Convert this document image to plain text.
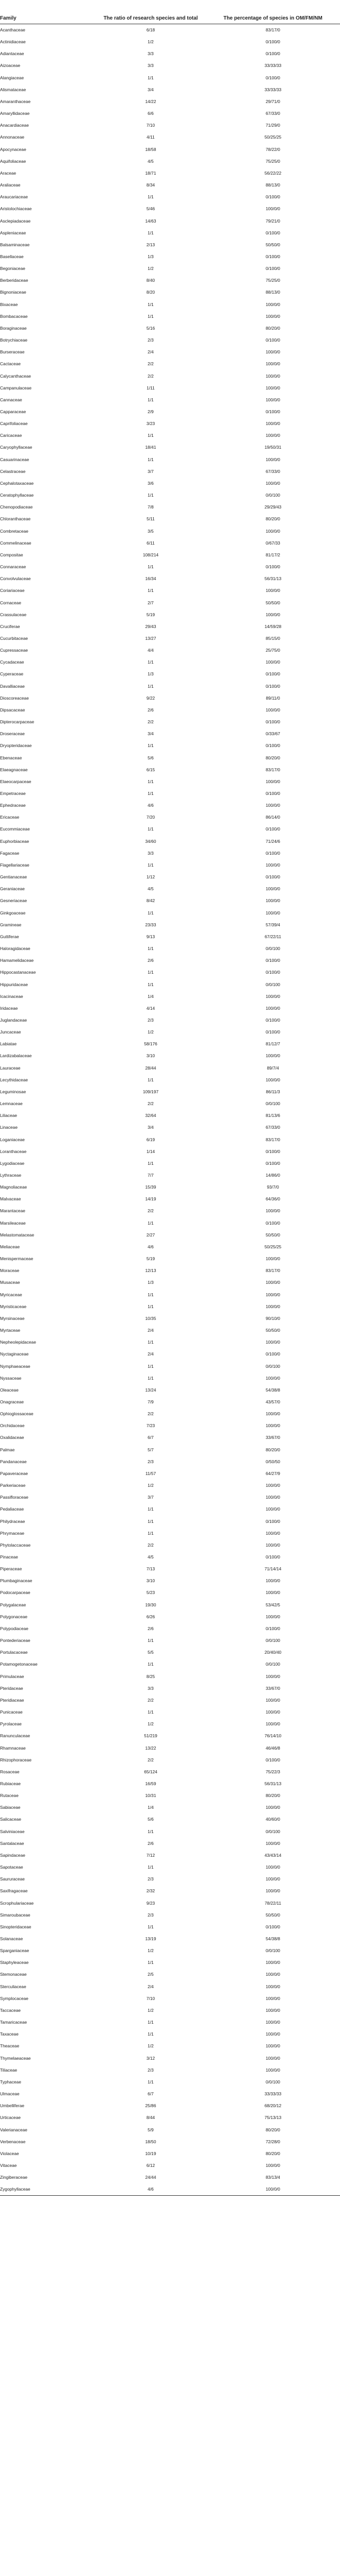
Family	The ratio of research species and total	The percentage of species in OM/FM/NM
Acanthaceae	6/18	83/17/0
Actinidiaceae	1/2	0/100/0
Adiantaceae	3/3	0/100/0
Aizoaceae	3/3	33/33/33
Alangiaceae	1/1	0/100/0
Alismataceae	3/4	33/33/33
Amaranthaceae	14/22	29/71/0
Amaryllidaceae	6/6	67/33/0
Anacardiaceae	7/10	71/29/0
Annonaceae	4/11	50/25/25
Apocynaceae	18/58	78/22/0
Aquifoliaceae	4/5	75/25/0
Araceae	18/71	56/22/22
Araliaceae	8/34	88/13/0
Araucariaceae	1/1	0/100/0
Aristolochiaceae	5/46	100/0/0
Asclepiadaceae	14/63	79/21/0
Aspleniaceae	1/1	0/100/0
Balsaminaceae	2/13	50/50/0
Basellaceae	1/3	0/100/0
Begoniaceae	1/2	0/100/0
Berberidaceae	8/40	75/25/0
Bignoniaceae	8/20	88/13/0
Bixaceae	1/1	100/0/0
Bombacaceae	1/1	100/0/0
Boraginaceae	5/16	80/20/0
Botrychiaceae	2/3	0/100/0
Burseraceae	2/4	100/0/0
Cactaceae	2/2	100/0/0
Calycanthaceae	2/2	100/0/0
Campanulaceae	1/11	100/0/0
Cannaceae	1/1	100/0/0
Capparaceae	2/9	0/100/0
Caprifoliaceae	3/23	100/0/0
Caricaceae	1/1	100/0/0
Caryophyllaceae	18/41	19/50/31
Casuarinaceae	1/1	100/0/0
Celastraceae	3/7	67/33/0
Cephalotaxaceae	3/6	100/0/0
Ceratophyllaceae	1/1	0/0/100
Chenopodiaceae	7/8	29/29/43
Chloranthaceae	5/11	80/20/0
Combretaceae	3/5	100/0/0
Commelinaceae	6/11	0/67/33
Compositae	108/214	81/17/2
Connaraceae	1/1	0/100/0
Convolvulaceae	16/34	56/31/13
Coriariaceae	1/1	100/0/0
Cornaceae	2/7	50/50/0
Crassulaceae	5/19	100/0/0
Cruciferae	29/43	14/59/28
Cucurbitaceae	13/27	85/15/0
Cupressaceae	4/4	25/75/0
Cycadaceae	1/1	100/0/0
Cyperaceae	1/3	0/100/0
Davalliaceae	1/1	0/100/0
Dioscoreaceae	9/22	89/11/0
Dipsacaceae	2/6	100/0/0
Dipterocarpaceae	2/2	0/100/0
Droseraceae	3/4	0/33/67
Dryopteridaceae	1/1	0/100/0
Ebenaceae	5/6	80/20/0
Elaeagnaceae	6/15	83/17/0
Elaeocarpaceae	1/1	100/0/0
Empetraceae	1/1	0/100/0
Ephedraceae	4/6	100/0/0
Ericaceae	7/20	86/14/0
Eucommiaceae	1/1	0/100/0
Euphorbiaceae	34/60	71/24/6
Fagaceae	3/3	0/100/0
Flagellariaceae	1/1	100/0/0
Gentianaceae	1/12	0/100/0
Geraniaceae	4/5	100/0/0
Gesneriaceae	8/42	100/0/0
Ginkgoaceae	1/1	100/0/0
Gramineae	23/33	57/39/4
Guttiferae	9/13	67/22/11
Haloragidaceae	1/1	0/0/100
Hamamelidaceae	2/6	0/100/0
Hippocastanaceae	1/1	0/100/0
Hippuridaceae	1/1	0/0/100
Icacinaceae	1/4	100/0/0
Iridaceae	4/14	100/0/0
Juglandaceae	2/3	0/100/0
Juncaceae	1/2	0/100/0
Labiatae	58/176	81/12/7
Lardizabalaceae	3/10	100/0/0
Lauraceae	28/44	89/7/4
Lecythidaceae	1/1	100/0/0
Leguminosae	109/197	86/11/3
Lemnaceae	2/2	0/0/100
Liliaceae	32/64	81/13/6
Linaceae	3/4	67/33/0
Loganiaceae	6/19	83/17/0
Loranthaceae	1/14	0/100/0
Lygodiaceae	1/1	0/100/0
Lythraceae	7/7	14/86/0
Magnoliaceae	15/39	93/7/0
Malvaceae	14/19	64/36/0
Marantaceae	2/2	100/0/0
Marsileaceae	1/1	0/100/0
Melastomataceae	2/27	50/50/0
Meliaceae	4/6	50/25/25
Menispermaceae	5/19	100/0/0
Moraceae	12/13	83/17/0
Musaceae	1/3	100/0/0
Myricaceae	1/1	100/0/0
Myristicaceae	1/1	100/0/0
Myrsinaceae	10/35	90/10/0
Myrtaceae	2/4	50/50/0
Nepheolepidaceae	1/1	100/0/0
Nyctaginaceae	2/4	0/100/0
Nymphaeaceae	1/1	0/0/100
Nyssaceae	1/1	100/0/0
Oleaceae	13/24	54/38/8
Onagraceae	7/9	43/57/0
Ophioglossaceae	2/2	100/0/0
Orchidaceae	7/23	100/0/0
Oxalidaceae	6/7	33/67/0
Palmae	5/7	80/20/0
Pandanaceae	2/3	0/50/50
Papaveraceae	11/57	64/27/9
Parkeriaceae	1/2	100/0/0
Passifloraceae	3/7	100/0/0
Pedaliaceae	1/1	100/0/0
Philydraceae	1/1	0/100/0
Phrymaceae	1/1	100/0/0
Phytolaccaceae	2/2	100/0/0
Pinaceae	4/5	0/100/0
Piperaceae	7/13	71/14/14
Plumbaginaceae	3/10	100/0/0
Podocarpaceae	5/23	100/0/0
Polygalaceae	19/30	53/42/5
Polygonaceae	6/26	100/0/0
Polypodiaceae	2/6	0/100/0
Pontederiaceae	1/1	0/0/100
Portulacaceae	5/5	20/40/40
Potamogetonaceae	1/1	0/0/100
Primulaceae	8/25	100/0/0
Pteridaceae	3/3	33/67/0
Pteridiaceae	2/2	100/0/0
Punicaceae	1/1	100/0/0
Pyrolaceae	1/2	100/0/0
Ranunculaceae	51/219	76/14/10
Rhamnaceae	13/22	46/46/8
Rhizophoraceae	2/2	0/100/0
Rosaceae	65/124	75/22/3
Rubiaceae	16/59	56/31/13
Rutaceae	10/31	80/20/0
Sabiaceae	1/4	100/0/0
Salicaceae	5/6	40/60/0
Salviniaceae	1/1	0/0/100
Santalaceae	2/6	100/0/0
Sapindaceae	7/12	43/43/14
Sapotaceae	1/1	100/0/0
Saururaceae	2/3	100/0/0
Saxifragaceae	2/32	100/0/0
Scrophulariaceae	9/23	78/22/11
Simaroubaceae	2/3	50/50/0
Sinopteridaceae	1/1	0/100/0
Solanaceae	13/19	54/38/8
Sparganiaceae	1/2	0/0/100
Staphyleaceae	1/1	100/0/0
Stemonaceae	2/5	100/0/0
Sterculiaceae	2/4	100/0/0
Symplocaceae	7/10	100/0/0
Taccaceae	1/2	100/0/0
Tamaricaceae	1/1	100/0/0
Taxaceae	1/1	100/0/0
Theaceae	1/2	100/0/0
Thymelaeaceae	3/12	100/0/0
Tiliaceae	2/3	100/0/0
Typhaceae	1/1	0/0/100
Ulmaceae	6/7	33/33/33
Umbelliferae	25/86	68/20/12
Urticaceae	8/44	75/13/13
Valerianaceae	5/9	80/20/0
Verbenaceae	18/50	72/28/0
Violaceae	10/19	80/20/0
Vitaceae	6/12	100/0/0
Zingiberaceae	24/44	83/13/4
Zygophyllaceae	4/6	100/0/0
